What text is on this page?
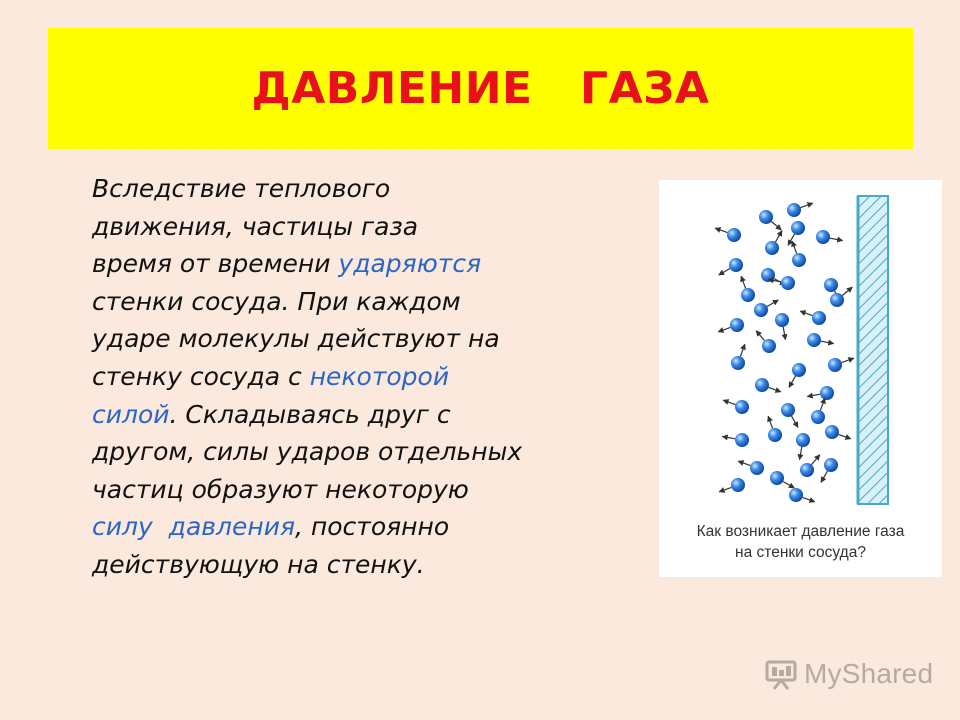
ДАВЛЕНИЕ   ГАЗА
Вследствие теплового
движения, частицы газа
время от времени ударяются
стенки сосуда. При каждом
ударе молекулы действуют на
стенку сосуда с некоторой
силой. Складываясь друг с
другом, силы ударов отдельных
частиц образуют некоторую
силу  давления, постоянно
действующую на стенку.
Как возникает давление газа
на стенки сосуда?
MyShared
